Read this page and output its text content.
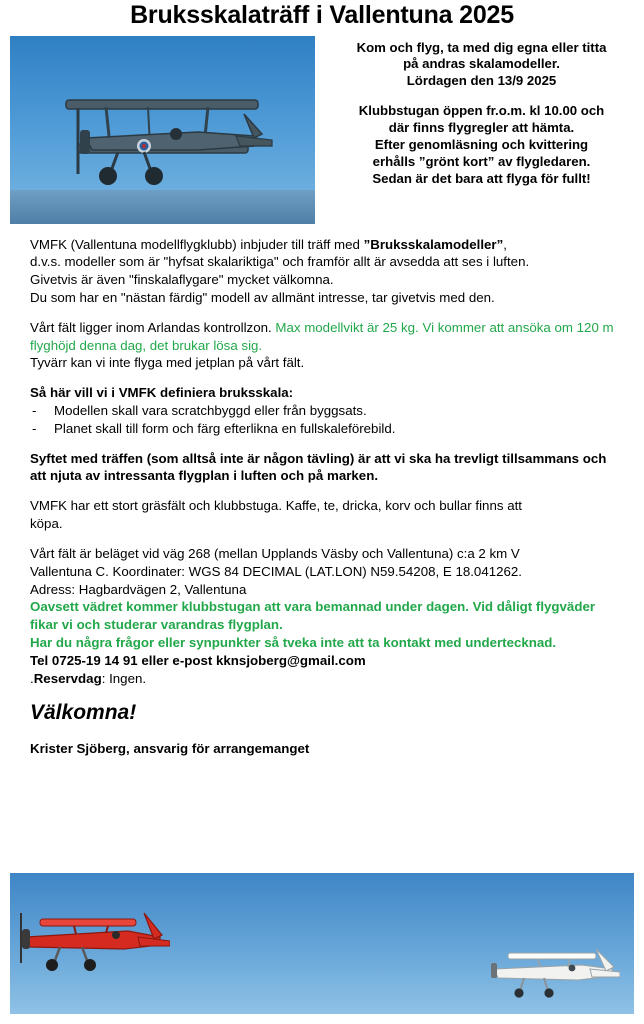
Bruksskalaträff i Vallentuna 2025

Kom och flyg, ta med dig egna eller titta

på andras skalamodeller.

Lördagen den 13/9 2025

Klubbstugan öppen fr.o.m. kl 10.00 och

där finns flygregler att hämta.

Efter genomläsning och kvittering

erhålls ”grönt kort” av flygledaren.

Sedan är det bara att flyga för fullt!

VMFK (Vallentuna modellflygklubb) inbjuder till träff med ”Bruksskalamodeller”,
d.v.s. modeller som är "hyfsat skalariktiga" och framför allt är avsedda att ses i luften.
Givetvis är även "finskalaflygare" mycket välkomna.
Du som har en "nästan färdig" modell av allmänt intresse, tar givetvis med den.

Vårt fält ligger inom Arlandas kontrollzon. Max modellvikt är 25 kg. Vi kommer att ansöka om 120 m flyghöjd denna dag, det brukar lösa sig.
Tyvärr kan vi inte flyga med jetplan på vårt fält.

Så här vill vi i VMFK definiera bruksskala:

- Modellen skall vara scratchbyggd eller från byggsats.
- Planet skall till form och färg efterlikna en fullskaleförebild.

Syftet med träffen (som alltså inte är någon tävling) är att vi ska ha trevligt tillsammans och att njuta av intressanta flygplan i luften och på marken.

VMFK har ett stort gräsfält och klubbstuga. Kaffe, te, dricka, korv och bullar finns att
köpa.

Vårt fält är beläget vid väg 268 (mellan Upplands Väsby och Vallentuna) c:a 2 km V
Vallentuna C. Koordinater: WGS 84 DECIMAL (LAT.LON) N59.54208, E 18.041262.
Adress: Hagbardvägen 2, Vallentuna
Oavsett vädret kommer klubbstugan att vara bemannad under dagen. Vid dåligt flygväder fikar vi och studerar varandras flygplan.
Har du några frågor eller synpunkter så tveka inte att ta kontakt med undertecknad.
Tel 0725-19 14 91 eller e-post kknsjoberg@gmail.com
.Reservdag: Ingen.

Välkomna!

Krister Sjöberg, ansvarig för arrangemanget
